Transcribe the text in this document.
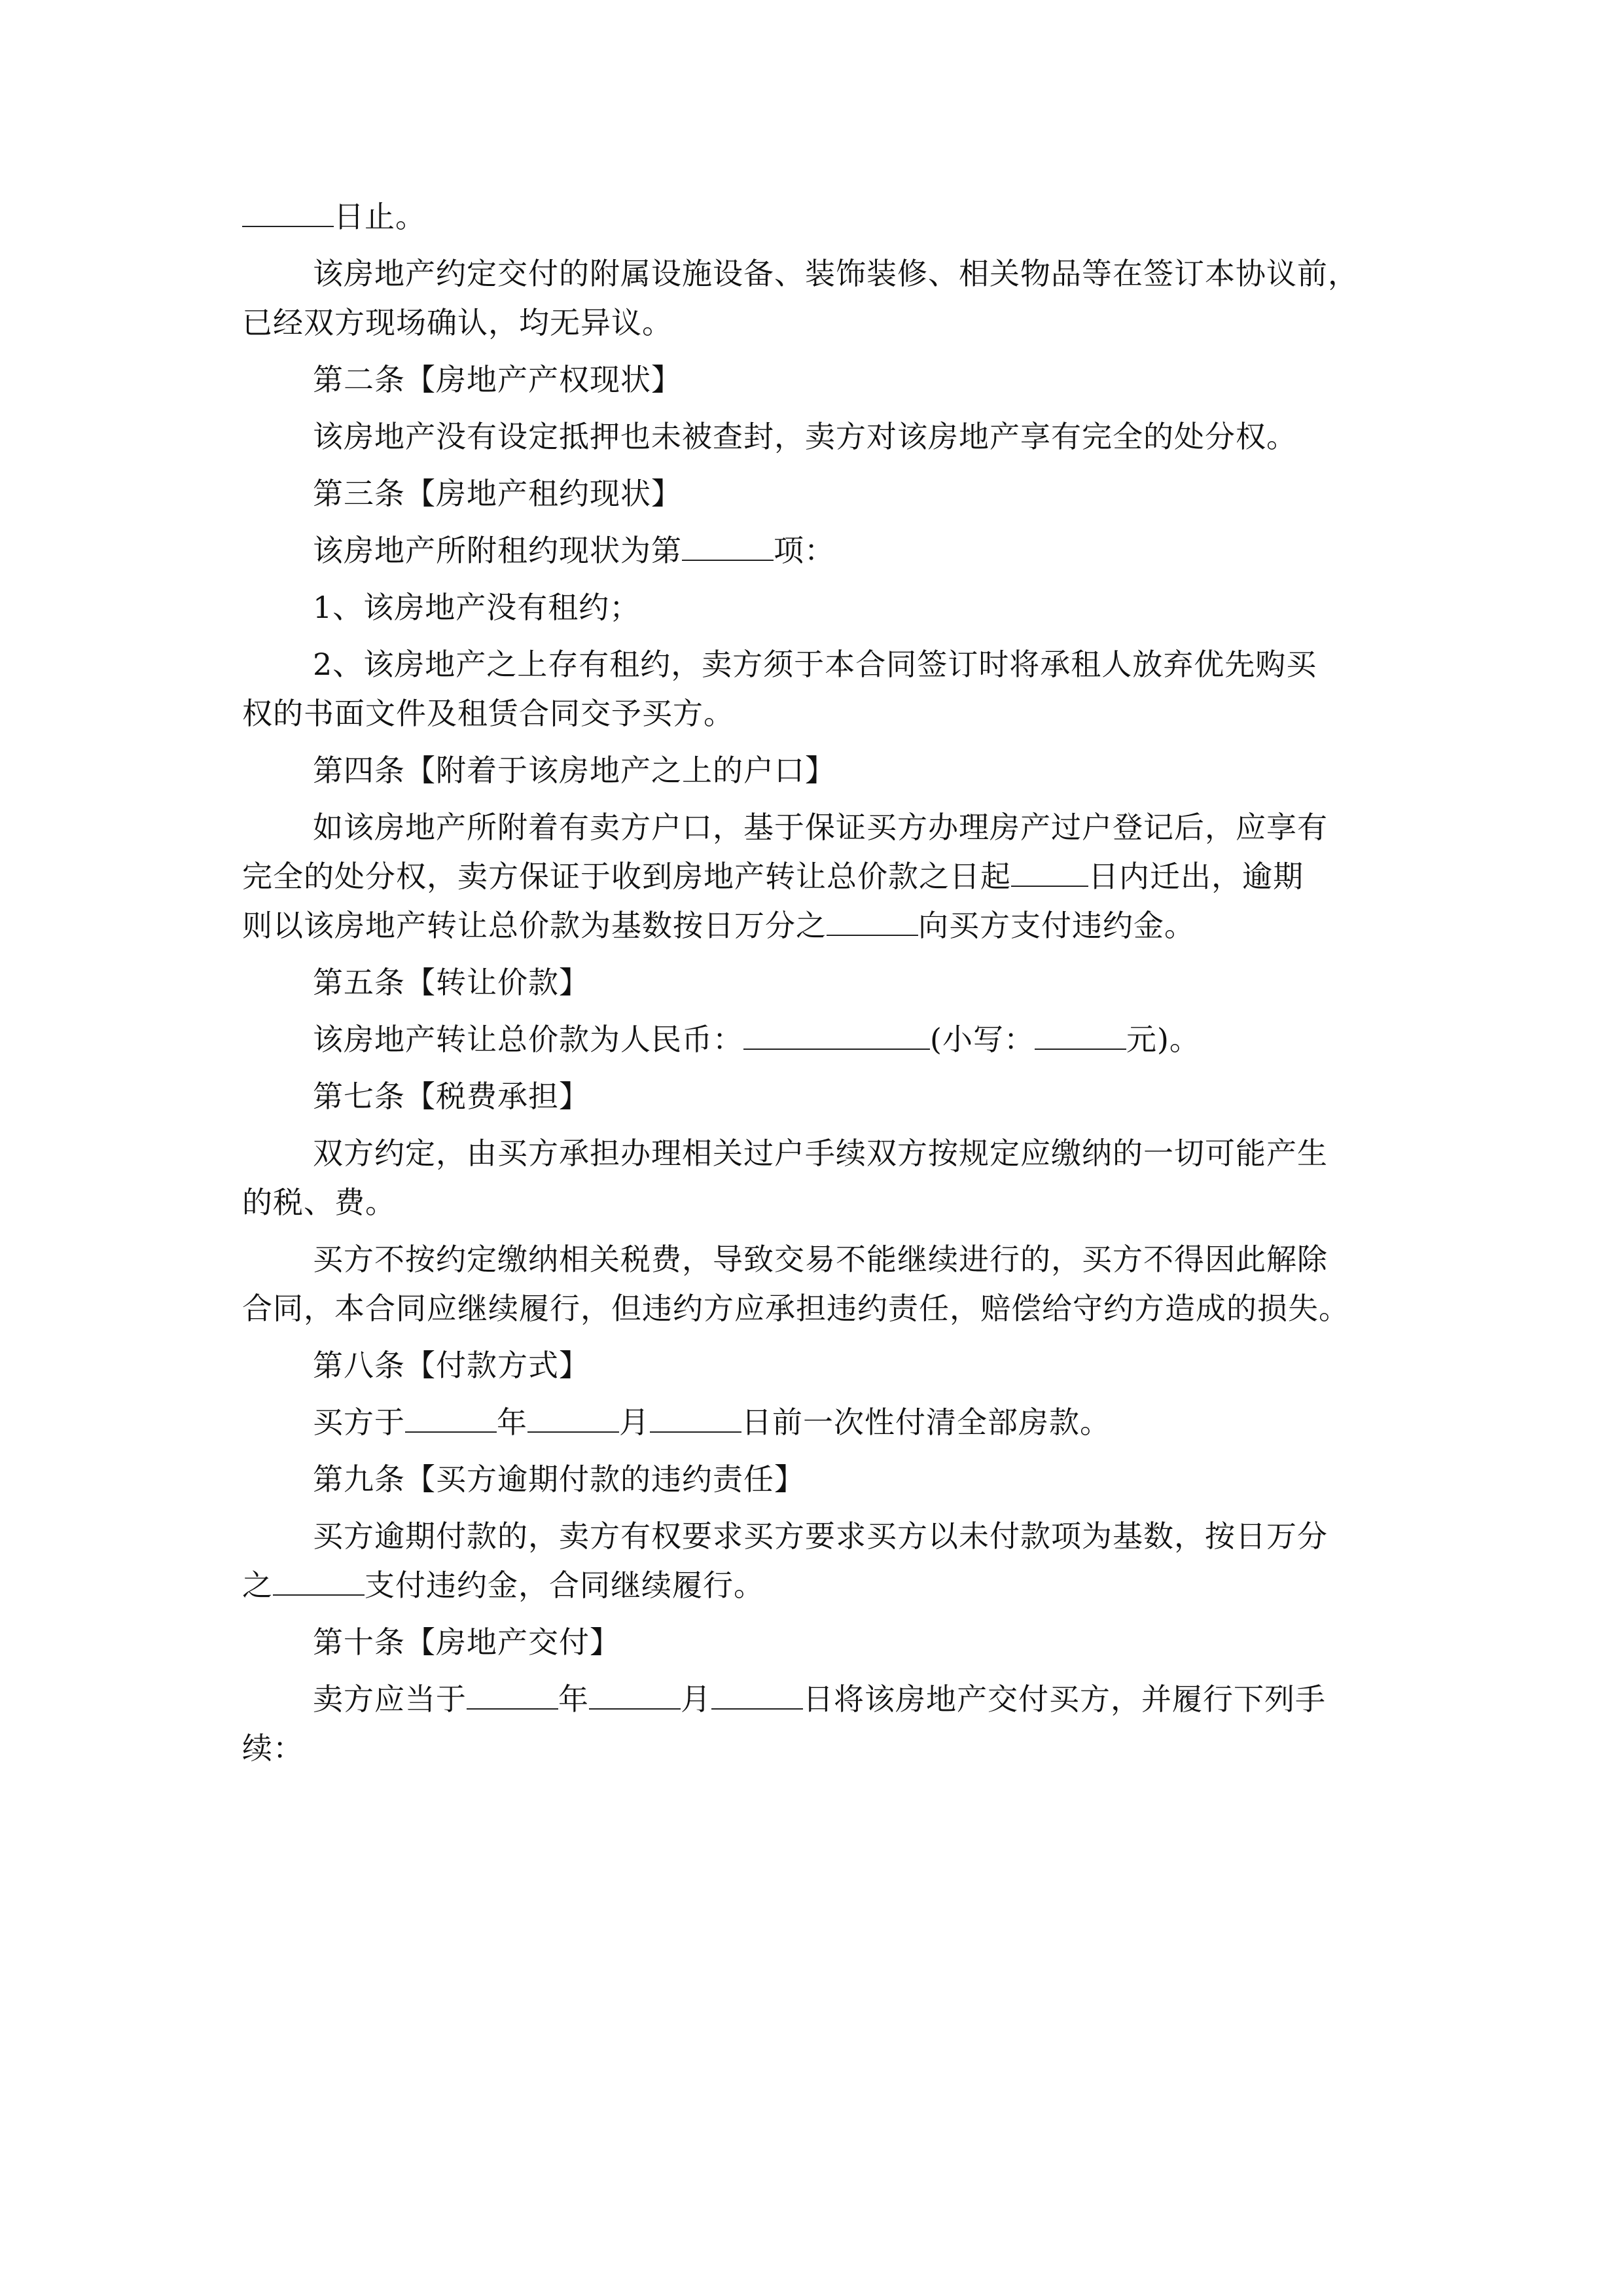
日止。
该房地产约定交付的附属设施设备、装饰装修、相关物品等在签订本协议前，
已经双方现场确认，均无异议。
第二条【房地产产权现状】
该房地产没有设定抵押也未被查封，卖方对该房地产享有完全的处分权。
第三条【房地产租约现状】
该房地产所附租约现状为第	项：
1、该房地产没有租约；
2、该房地产之上存有租约，卖方须于本合同签订时将承租人放弃优先购买
权的书面文件及租赁合同交予买方。
第四条【附着于该房地产之上的户口】
如该房地产所附着有卖方户口，基于保证买方办理房产过户登记后，应享有
完全的处分权，卖方保证于收到房地产转让总价款之日起	日内迁出，逾期
则以该房地产转让总价款为基数按日万分之	向买方支付违约金。
第五条【转让价款】
该房地产转让总价款为人民币：	(小写：	元)。
第七条【税费承担】
双方约定，由买方承担办理相关过户手续双方按规定应缴纳的一切可能产生
的税、费。
买方不按约定缴纳相关税费，导致交易不能继续进行的，买方不得因此解除
合同，本合同应继续履行，但违约方应承担违约责任，赔偿给守约方造成的损失。
第八条【付款方式】
买方于	年	月	日前一次性付清全部房款。
第九条【买方逾期付款的违约责任】
买方逾期付款的，卖方有权要求买方要求买方以未付款项为基数，按日万分
之	支付违约金，合同继续履行。
第十条【房地产交付】
卖方应当于	年	月	日将该房地产交付买方，并履行下列手
续：
